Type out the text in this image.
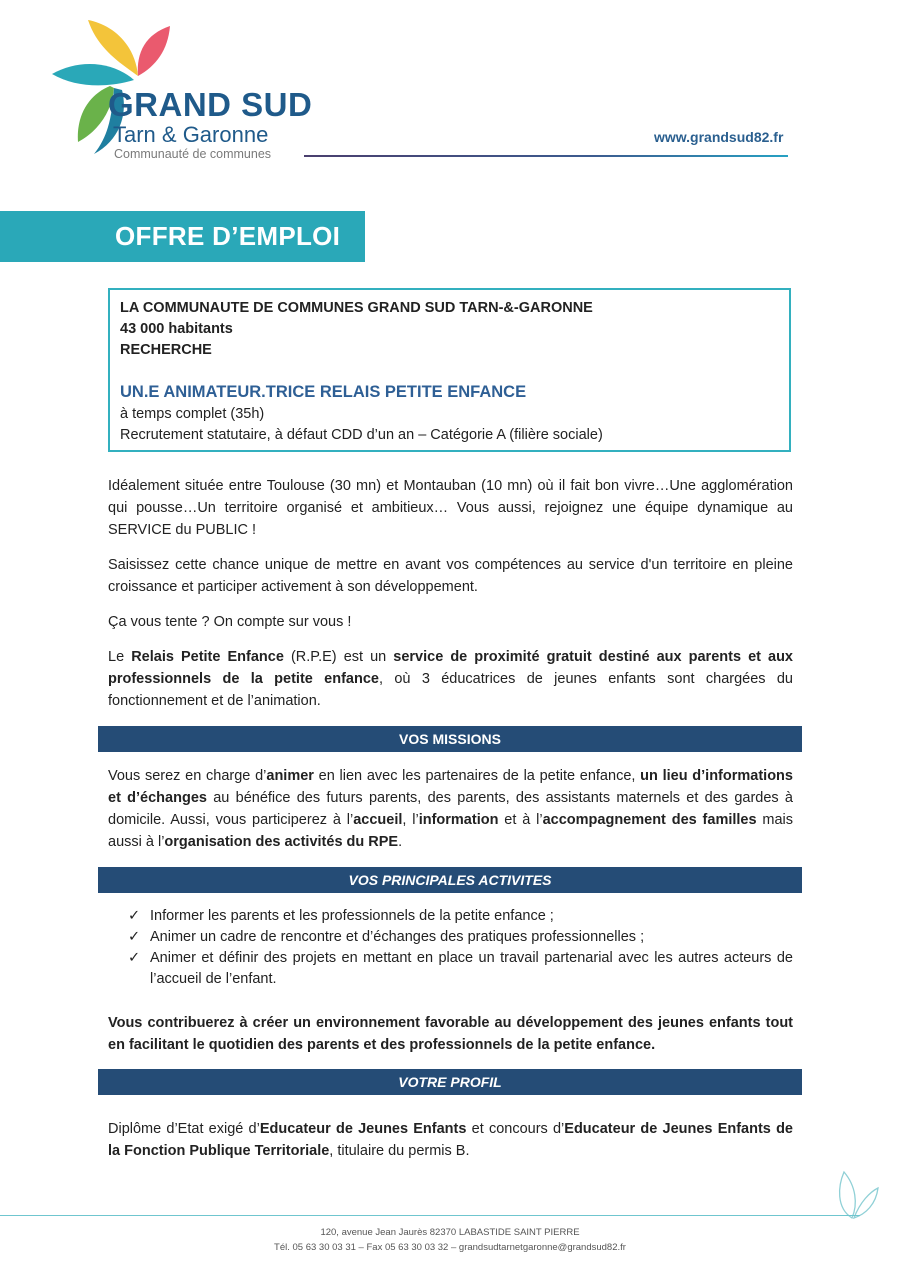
GRAND SUD
Tarn & Garonne
Communauté de communes
www.grandsud82.fr
OFFRE D’EMPLOI
LA COMMUNAUTE DE COMMUNES GRAND SUD TARN-&-GARONNE
43 000 habitants
RECHERCHE
UN.E ANIMATEUR.TRICE RELAIS PETITE ENFANCE
à temps complet (35h)
Recrutement statutaire, à défaut CDD d’un an – Catégorie A (filière sociale)
Idéalement située entre Toulouse (30 mn) et Montauban (10 mn) où il fait bon vivre…Une agglomération qui pousse…Un territoire organisé et ambitieux… Vous aussi, rejoignez une équipe dynamique au SERVICE du PUBLIC !
Saisissez cette chance unique de mettre en avant vos compétences au service d'un territoire en pleine croissance et participer activement à son développement.
Ça vous tente ? On compte sur vous !
Le Relais Petite Enfance (R.P.E) est un service de proximité gratuit destiné aux parents et aux professionnels de la petite enfance, où 3 éducatrices de jeunes enfants sont chargées du fonctionnement et de l’animation.
VOS MISSIONS
Vous serez en charge d’animer en lien avec les partenaires de la petite enfance, un lieu d’informations et d’échanges au bénéfice des futurs parents, des parents, des assistants maternels et des gardes à domicile. Aussi, vous participerez à l’accueil, l’information et à l’accompagnement des familles mais aussi à l’organisation des activités du RPE.
VOS PRINCIPALES ACTIVITES
✓ Informer les parents et les professionnels de la petite enfance ;
✓ Animer un cadre de rencontre et d’échanges des pratiques professionnelles ;
✓ Animer et définir des projets en mettant en place un travail partenarial avec les autres acteurs de l’accueil de l’enfant.
Vous contribuerez à créer un environnement favorable au développement des jeunes enfants tout en facilitant le quotidien des parents et des professionnels de la petite enfance.
VOTRE PROFIL
Diplôme d’Etat exigé d’Educateur de Jeunes Enfants et concours d’Educateur de Jeunes Enfants de la Fonction Publique Territoriale, titulaire du permis B.
120, avenue Jean Jaurès 82370 LABASTIDE SAINT PIERRE
Tél. 05 63 30 03 31 – Fax 05 63 30 03 32 – grandsudtarnetgaronne@grandsud82.fr
